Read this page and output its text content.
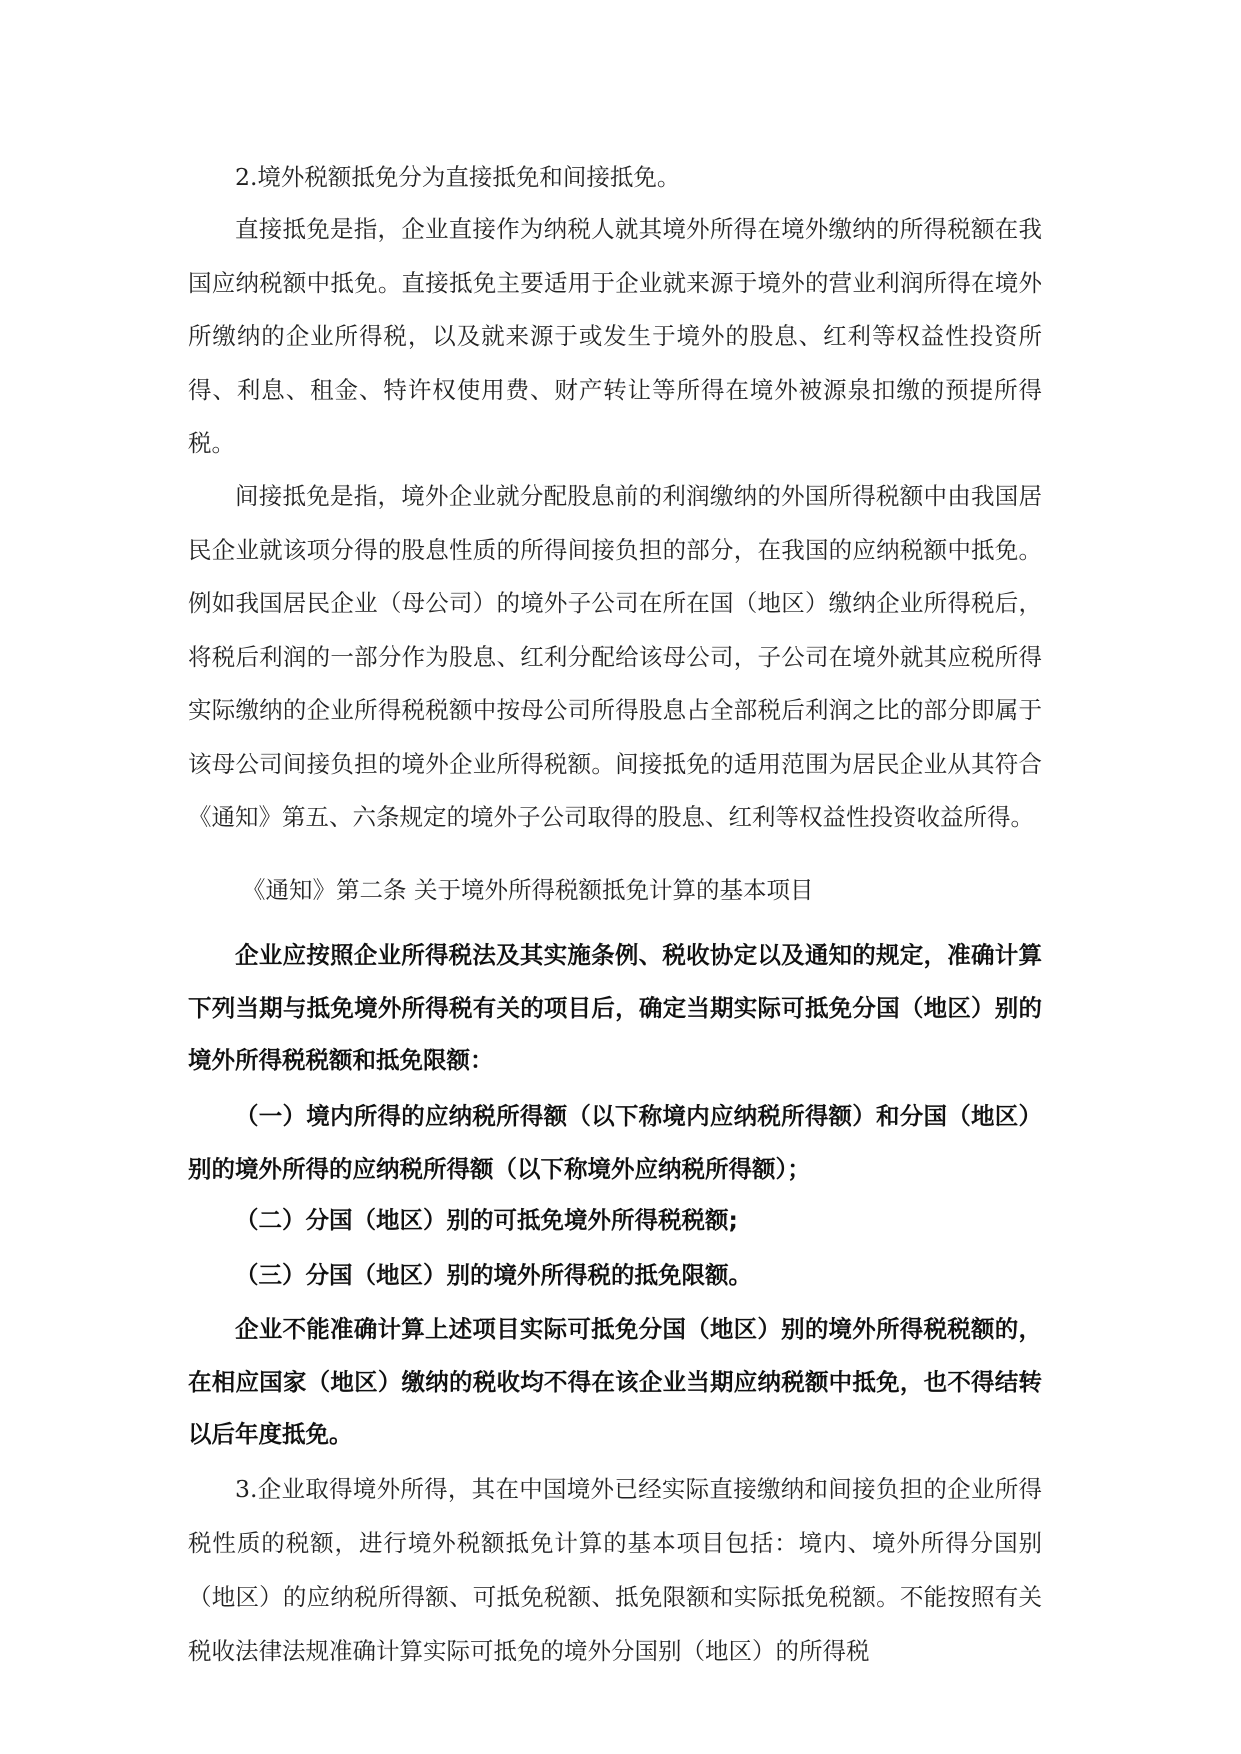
2.境外税额抵免分为直接抵免和间接抵免。

直接抵免是指，企业直接作为纳税人就其境外所得在境外缴纳的所得税额在我国应纳税额中抵免。直接抵免主要适用于企业就来源于境外的营业利润所得在境外所缴纳的企业所得税，以及就来源于或发生于境外的股息、红利等权益性投资所得、利息、租金、特许权使用费、财产转让等所得在境外被源泉扣缴的预提所得税。

间接抵免是指，境外企业就分配股息前的利润缴纳的外国所得税额中由我国居民企业就该项分得的股息性质的所得间接负担的部分，在我国的应纳税额中抵免。例如我国居民企业（母公司）的境外子公司在所在国（地区）缴纳企业所得税后，将税后利润的一部分作为股息、红利分配给该母公司，子公司在境外就其应税所得实际缴纳的企业所得税税额中按母公司所得股息占全部税后利润之比的部分即属于该母公司间接负担的境外企业所得税额。间接抵免的适用范围为居民企业从其符合《通知》第五、六条规定的境外子公司取得的股息、红利等权益性投资收益所得。

《通知》第二条 关于境外所得税额抵免计算的基本项目

企业应按照企业所得税法及其实施条例、税收协定以及通知的规定，准确计算下列当期与抵免境外所得税有关的项目后，确定当期实际可抵免分国（地区）别的境外所得税税额和抵免限额：

（一）境内所得的应纳税所得额（以下称境内应纳税所得额）和分国（地区）别的境外所得的应纳税所得额（以下称境外应纳税所得额）；

（二）分国（地区）别的可抵免境外所得税税额;

（三）分国（地区）别的境外所得税的抵免限额。

企业不能准确计算上述项目实际可抵免分国（地区）别的境外所得税税额的，在相应国家（地区）缴纳的税收均不得在该企业当期应纳税额中抵免，也不得结转以后年度抵免。

3.企业取得境外所得，其在中国境外已经实际直接缴纳和间接负担的企业所得税性质的税额，进行境外税额抵免计算的基本项目包括：境内、境外所得分国别（地区）的应纳税所得额、可抵免税额、抵免限额和实际抵免税额。不能按照有关税收法律法规准确计算实际可抵免的境外分国别（地区）的所得税
